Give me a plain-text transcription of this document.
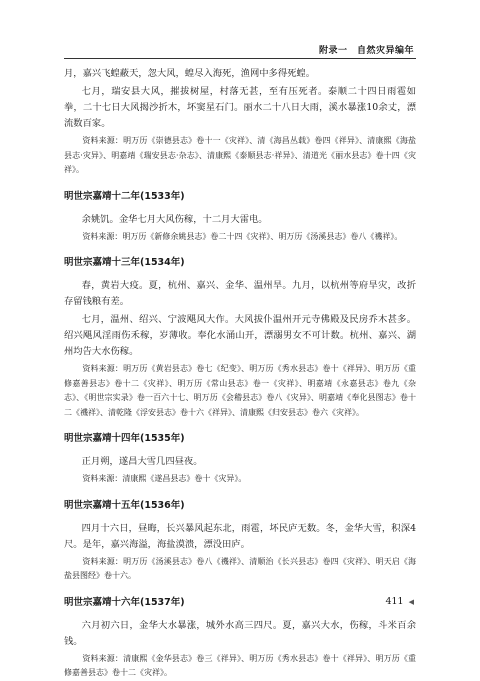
附录一　自然灾异编年

月，嘉兴飞蝗蔽天，忽大风，蝗尽入海死，渔网中多得死蝗。

七月，瑞安县大风，摧拔树屋，村落无甚，至有压死者。泰顺二十四日雨雹如拳，二十七日大风揭沙折木，坏窦星石门。丽水二十八日大雨，溪水暴涨10余丈，漂流数百家。

资料来源：明万历《崇德县志》卷十一《灾祥》、清《海昌丛载》卷四《祥异》、清康熙《海盐县志·灾异》、明嘉靖《瑞安县志·杂志》、清康熙《泰顺县志·祥异》、清道光《丽水县志》卷十四《灾祥》。

明世宗嘉靖十二年(1533年)

余姚饥。金华七月大风伤稼，十二月大雷电。

资料来源：明万历《新修余姚县志》卷二十四《灾祥》、明万历《汤溪县志》卷八《禨祥》。

明世宗嘉靖十三年(1534年)

春，黄岩大疫。夏，杭州、嘉兴、金华、温州旱。九月，以杭州等府旱灾，改折存留钱粮有差。

七月，温州、绍兴、宁波飓风大作。大风拔仆温州开元寺佛殿及民房乔木甚多。绍兴飓风淫雨伤禾稼，岁薄收。奉化水涌山开，漂溺男女不可计数。杭州、嘉兴、湖州均告大水伤稼。

资料来源：明万历《黄岩县志》卷七《纪变》、明万历《秀水县志》卷十《祥异》、明万历《重修嘉善县志》卷十二《灾祥》、明万历《常山县志》卷一《灾祥》、明嘉靖《永嘉县志》卷九《杂志》、《明世宗实录》卷一百六十七、明万历《会稽县志》卷八《灾异》、明嘉靖《奉化县图志》卷十二《禨祥》、清乾隆《浮安县志》卷十六《祥异》、清康熙《归安县志》卷六《灾祥》。

明世宗嘉靖十四年(1535年)

正月朔，遂昌大雪几四昼夜。

资料来源：清康熙《遂昌县志》卷十《灾异》。

明世宗嘉靖十五年(1536年)

四月十六日，昼晦，长兴暴风起东北，雨雹，坏民庐无数。冬，金华大雪，积深4尺。是年，嘉兴海溢，海盐漠溃，漂没田庐。

资料来源：明万历《汤溪县志》卷八《禨祥》、清顺治《长兴县志》卷四《灾祥》、明天启《海盐县图经》卷十六。

明世宗嘉靖十六年(1537年)

六月初六日，金华大水暴涨，城外水高三四尺。夏，嘉兴大水，伤稼，斗米百余钱。

资料来源：清康熙《金华县志》卷三《祥异》、明万历《秀水县志》卷十《祥异》、明万历《重修嘉善县志》卷十二《灾祥》。

411 ◀
